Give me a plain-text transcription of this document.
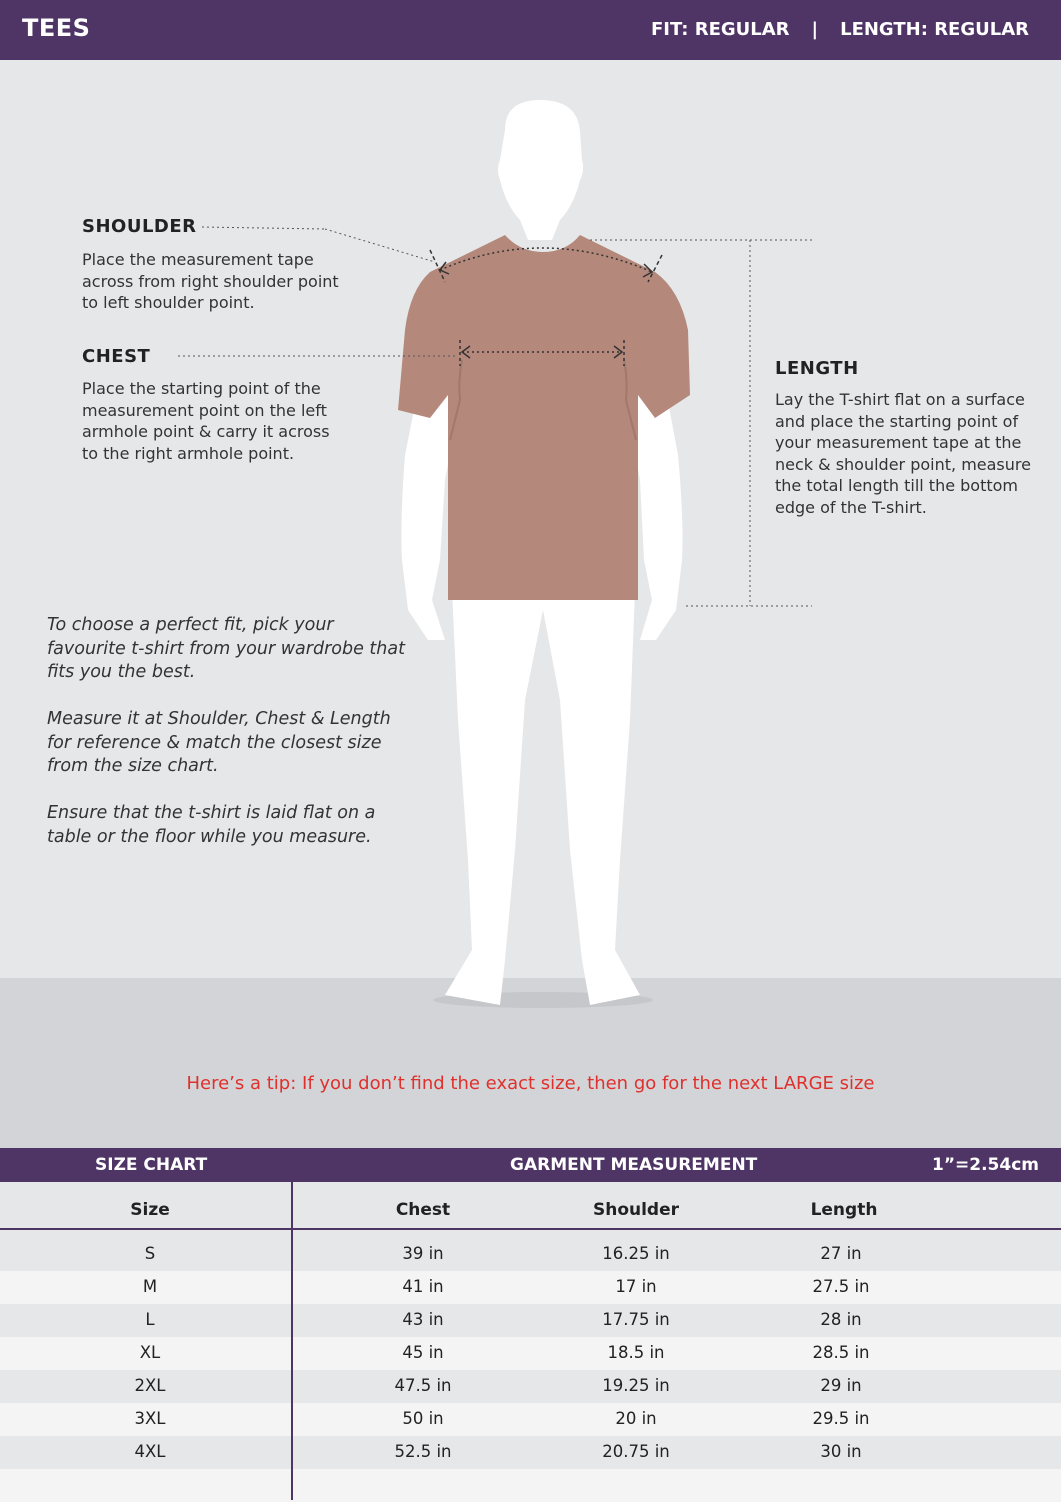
TEES	FIT: REGULAR | LENGTH: REGULAR
SHOULDER
Place the measurement tape across from right shoulder point to left shoulder point.
CHEST
Place the starting point of the measurement point on the left armhole point & carry it across to the right armhole point.
LENGTH
Lay the T-shirt flat on a surface and place the starting point of your measurement tape at the neck & shoulder point, measure the total length till the bottom edge of the T-shirt.
To choose a perfect fit, pick your favourite t-shirt from your wardrobe that fits you the best.
Measure it at Shoulder, Chest & Length for reference & match the closest size from the size chart.
Ensure that the t-shirt is laid flat on a table or the floor while you measure.
Here’s a tip: If you don’t find the exact size, then go for the next LARGE size
SIZE CHART	GARMENT MEASUREMENT	1”=2.54cm
Size	Chest	Shoulder	Length
S	39 in	16.25 in	27 in
M	41 in	17 in	27.5 in
L	43 in	17.75 in	28 in
XL	45 in	18.5 in	28.5 in
2XL	47.5 in	19.25 in	29 in
3XL	50 in	20 in	29.5 in
4XL	52.5 in	20.75 in	30 in
